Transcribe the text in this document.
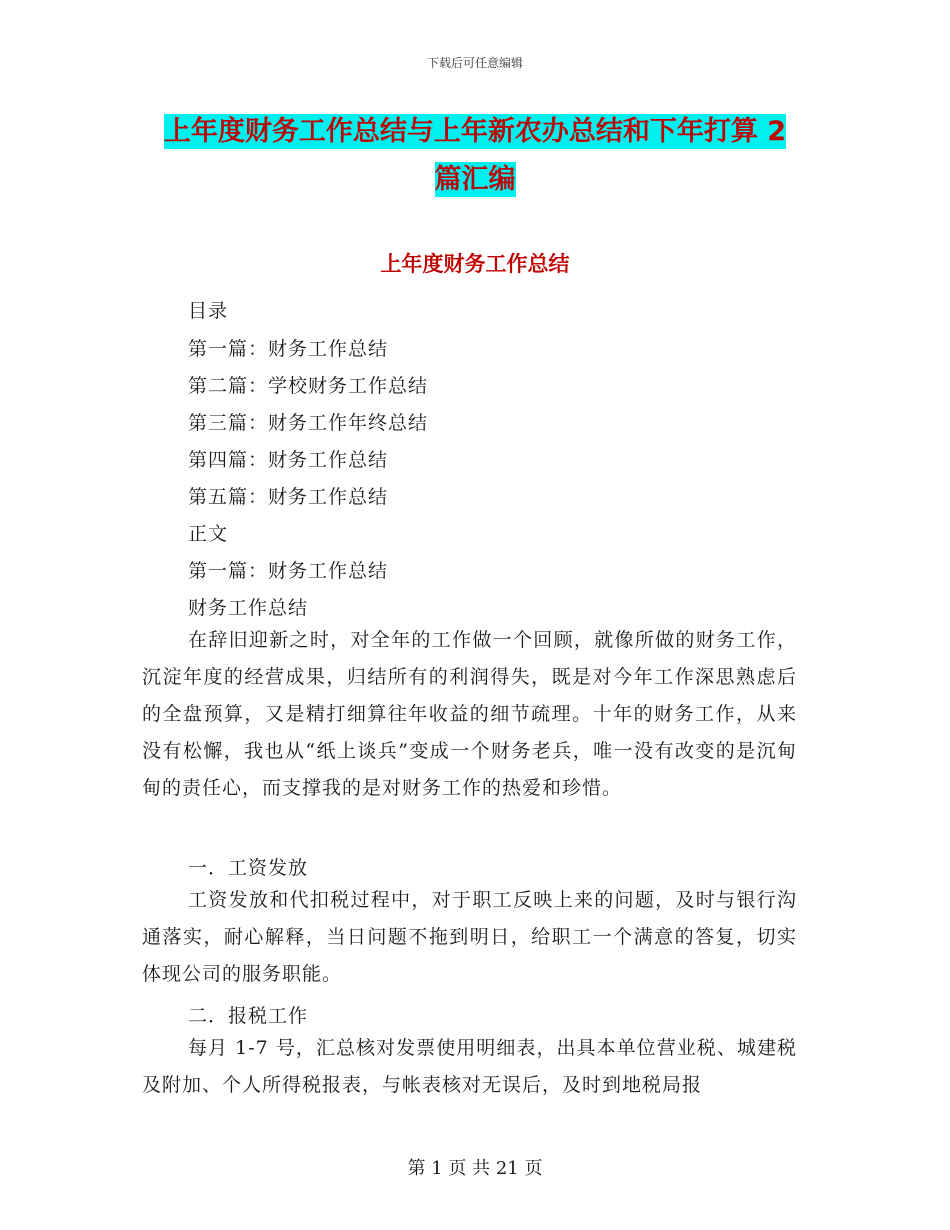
下载后可任意编辑
上年度财务工作总结与上年新农办总结和下年打算 2
篇汇编
上年度财务工作总结
目录
第一篇：财务工作总结
第二篇：学校财务工作总结
第三篇：财务工作年终总结
第四篇：财务工作总结
第五篇：财务工作总结
正文
第一篇：财务工作总结
财务工作总结
在辞旧迎新之时，对全年的工作做一个回顾，就像所做的财务工作，沉淀年度的经营成果，归结所有的利润得失，既是对今年工作深思熟虑后的全盘预算，又是精打细算往年收益的细节疏理。十年的财务工作，从来没有松懈，我也从“纸上谈兵”变成一个财务老兵，唯一没有改变的是沉甸甸的责任心，而支撑我的是对财务工作的热爱和珍惜。
一．工资发放
工资发放和代扣税过程中，对于职工反映上来的问题，及时与银行沟通落实，耐心解释，当日问题不拖到明日，给职工一个满意的答复，切实体现公司的服务职能。
二．报税工作
每月 1-7 号，汇总核对发票使用明细表，出具本单位营业税、城建税及附加、个人所得税报表，与帐表核对无误后，及时到地税局报
第 1 页 共 21 页
